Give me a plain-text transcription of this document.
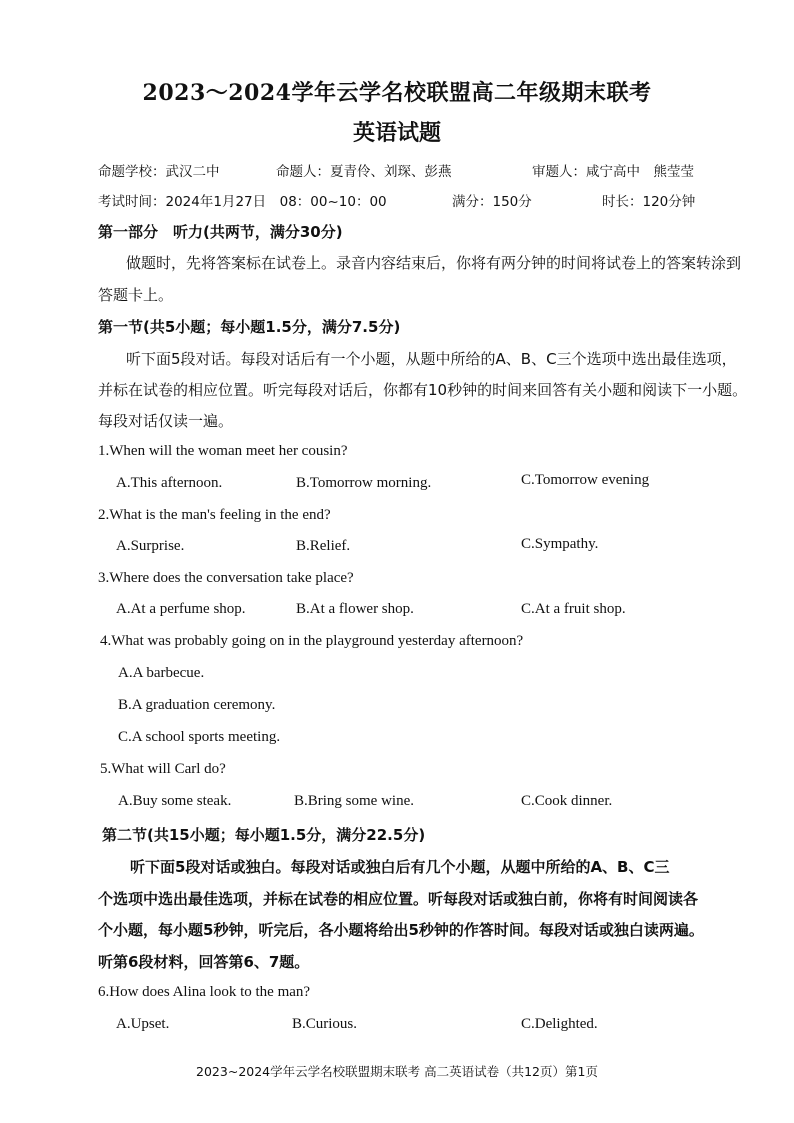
2023～2024学年云学名校联盟高二年级期末联考
英语试题
命题学校：武汉二中	命题人：夏青伶、刘琛、彭燕	审题人：咸宁高中　熊莹莹
考试时间：2024年1月27日　08：00~10：00	满分：150分	时长：120分钟
第一部分　听力(共两节，满分30分)
做题时，先将答案标在试卷上。录音内容结束后，你将有两分钟的时间将试卷上的答案转涂到
答题卡上。
第一节(共5小题；每小题1.5分，满分7.5分)
听下面5段对话。每段对话后有一个小题，从题中所给的A、B、C三个选项中选出最佳选项，
并标在试卷的相应位置。听完每段对话后，你都有10秒钟的时间来回答有关小题和阅读下一小题。
每段对话仅读一遍。
1.When will the woman meet her cousin?
A.This afternoon.	B.Tomorrow morning.	C.Tomorrow evening
2.What is the man's feeling in the end?
A.Surprise.	B.Relief.	C.Sympathy.
3.Where does the conversation take place?
A.At a perfume shop.	B.At a flower shop.	C.At a fruit shop.
4.What was probably going on in the playground yesterday afternoon?
A.A barbecue.
B.A graduation ceremony.
C.A school sports meeting.
5.What will Carl do?
A.Buy some steak.	B.Bring some wine.	C.Cook dinner.
第二节(共15小题；每小题1.5分，满分22.5分)
听下面5段对话或独白。每段对话或独白后有几个小题，从题中所给的A、B、C三
个选项中选出最佳选项，并标在试卷的相应位置。听每段对话或独白前，你将有时间阅读各
个小题，每小题5秒钟，听完后，各小题将给出5秒钟的作答时间。每段对话或独白读两遍。
听第6段材料，回答第6、7题。
6.How does Alina look to the man?
A.Upset.	B.Curious.	C.Delighted.
2023~2024学年云学名校联盟期末联考 高二英语试卷（共12页）第1页
